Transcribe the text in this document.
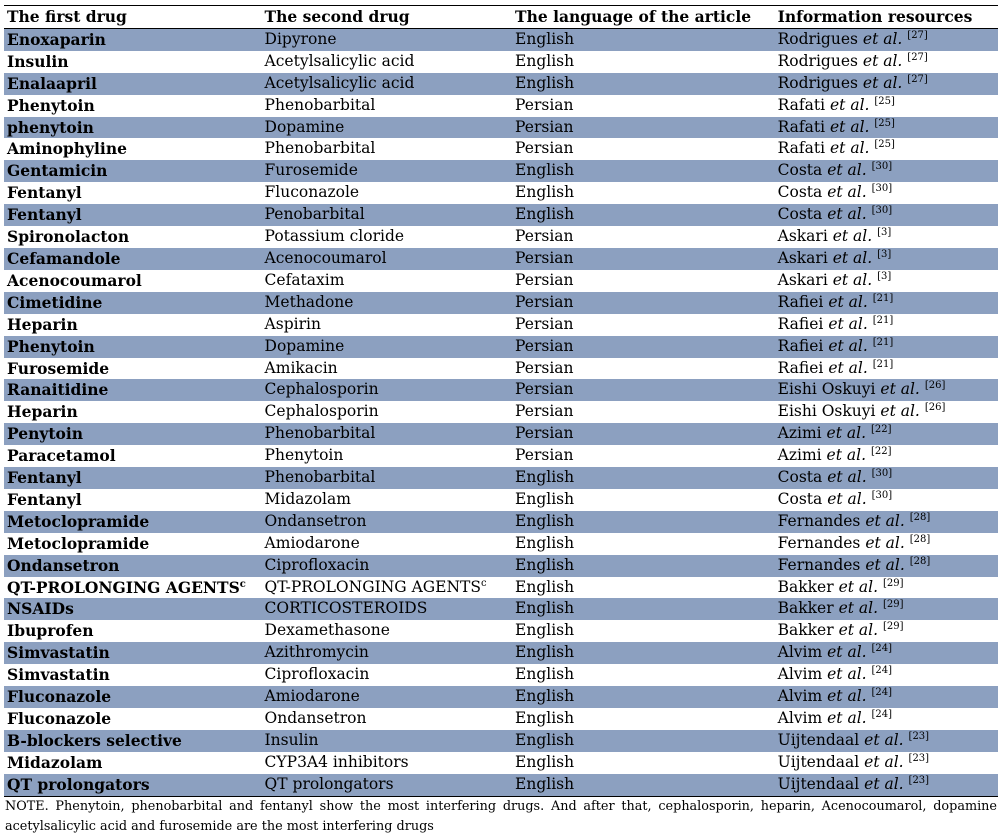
The first drug	The second drug	The language of the article	Information resources
Enoxaparin	Dipyrone	English	Rodrigues et al. [27]
Insulin	Acetylsalicylic acid	English	Rodrigues et al. [27]
Enalaapril	Acetylsalicylic acid	English	Rodrigues et al. [27]
Phenytoin	Phenobarbital	Persian	Rafati et al. [25]
phenytoin	Dopamine	Persian	Rafati et al. [25]
Aminophyline	Phenobarbital	Persian	Rafati et al. [25]
Gentamicin	Furosemide	English	Costa et al. [30]
Fentanyl	Fluconazole	English	Costa et al. [30]
Fentanyl	Penobarbital	English	Costa et al. [30]
Spironolacton	Potassium cloride	Persian	Askari et al. [3]
Cefamandole	Acenocoumarol	Persian	Askari et al. [3]
Acenocoumarol	Cefataxim	Persian	Askari et al. [3]
Cimetidine	Methadone	Persian	Rafiei et al. [21]
Heparin	Aspirin	Persian	Rafiei et al. [21]
Phenytoin	Dopamine	Persian	Rafiei et al. [21]
Furosemide	Amikacin	Persian	Rafiei et al. [21]
Ranaitidine	Cephalosporin	Persian	Eishi Oskuyi et al. [26]
Heparin	Cephalosporin	Persian	Eishi Oskuyi et al. [26]
Penytoin	Phenobarbital	Persian	Azimi et al. [22]
Paracetamol	Phenytoin	Persian	Azimi et al. [22]
Fentanyl	Phenobarbital	English	Costa et al. [30]
Fentanyl	Midazolam	English	Costa et al. [30]
Metoclopramide	Ondansetron	English	Fernandes et al. [28]
Metoclopramide	Amiodarone	English	Fernandes et al. [28]
Ondansetron	Ciprofloxacin	English	Fernandes et al. [28]
QT-PROLONGING AGENTS$^c$	QT-PROLONGING AGENTS$^c$	English	Bakker et al. [29]
NSAIDs	CORTICOSTEROIDS	English	Bakker et al. [29]
Ibuprofen	Dexamethasone	English	Bakker et al. [29]
Simvastatin	Azithromycin	English	Alvim et al. [24]
Simvastatin	Ciprofloxacin	English	Alvim et al. [24]
Fluconazole	Amiodarone	English	Alvim et al. [24]
Fluconazole	Ondansetron	English	Alvim et al. [24]
B-blockers selective	Insulin	English	Uijtendaal et al. [23]
Midazolam	CYP3A4 inhibitors	English	Uijtendaal et al. [23]
QT prolongators	QT prolongators	English	Uijtendaal et al. [23]
NOTE. Phenytoin, phenobarbital and fentanyl show the most interfering drugs. And after that, cephalosporin, heparin, Acenocoumarol, dopamine acetylsalicylic acid and furosemide are the most interfering drugs
